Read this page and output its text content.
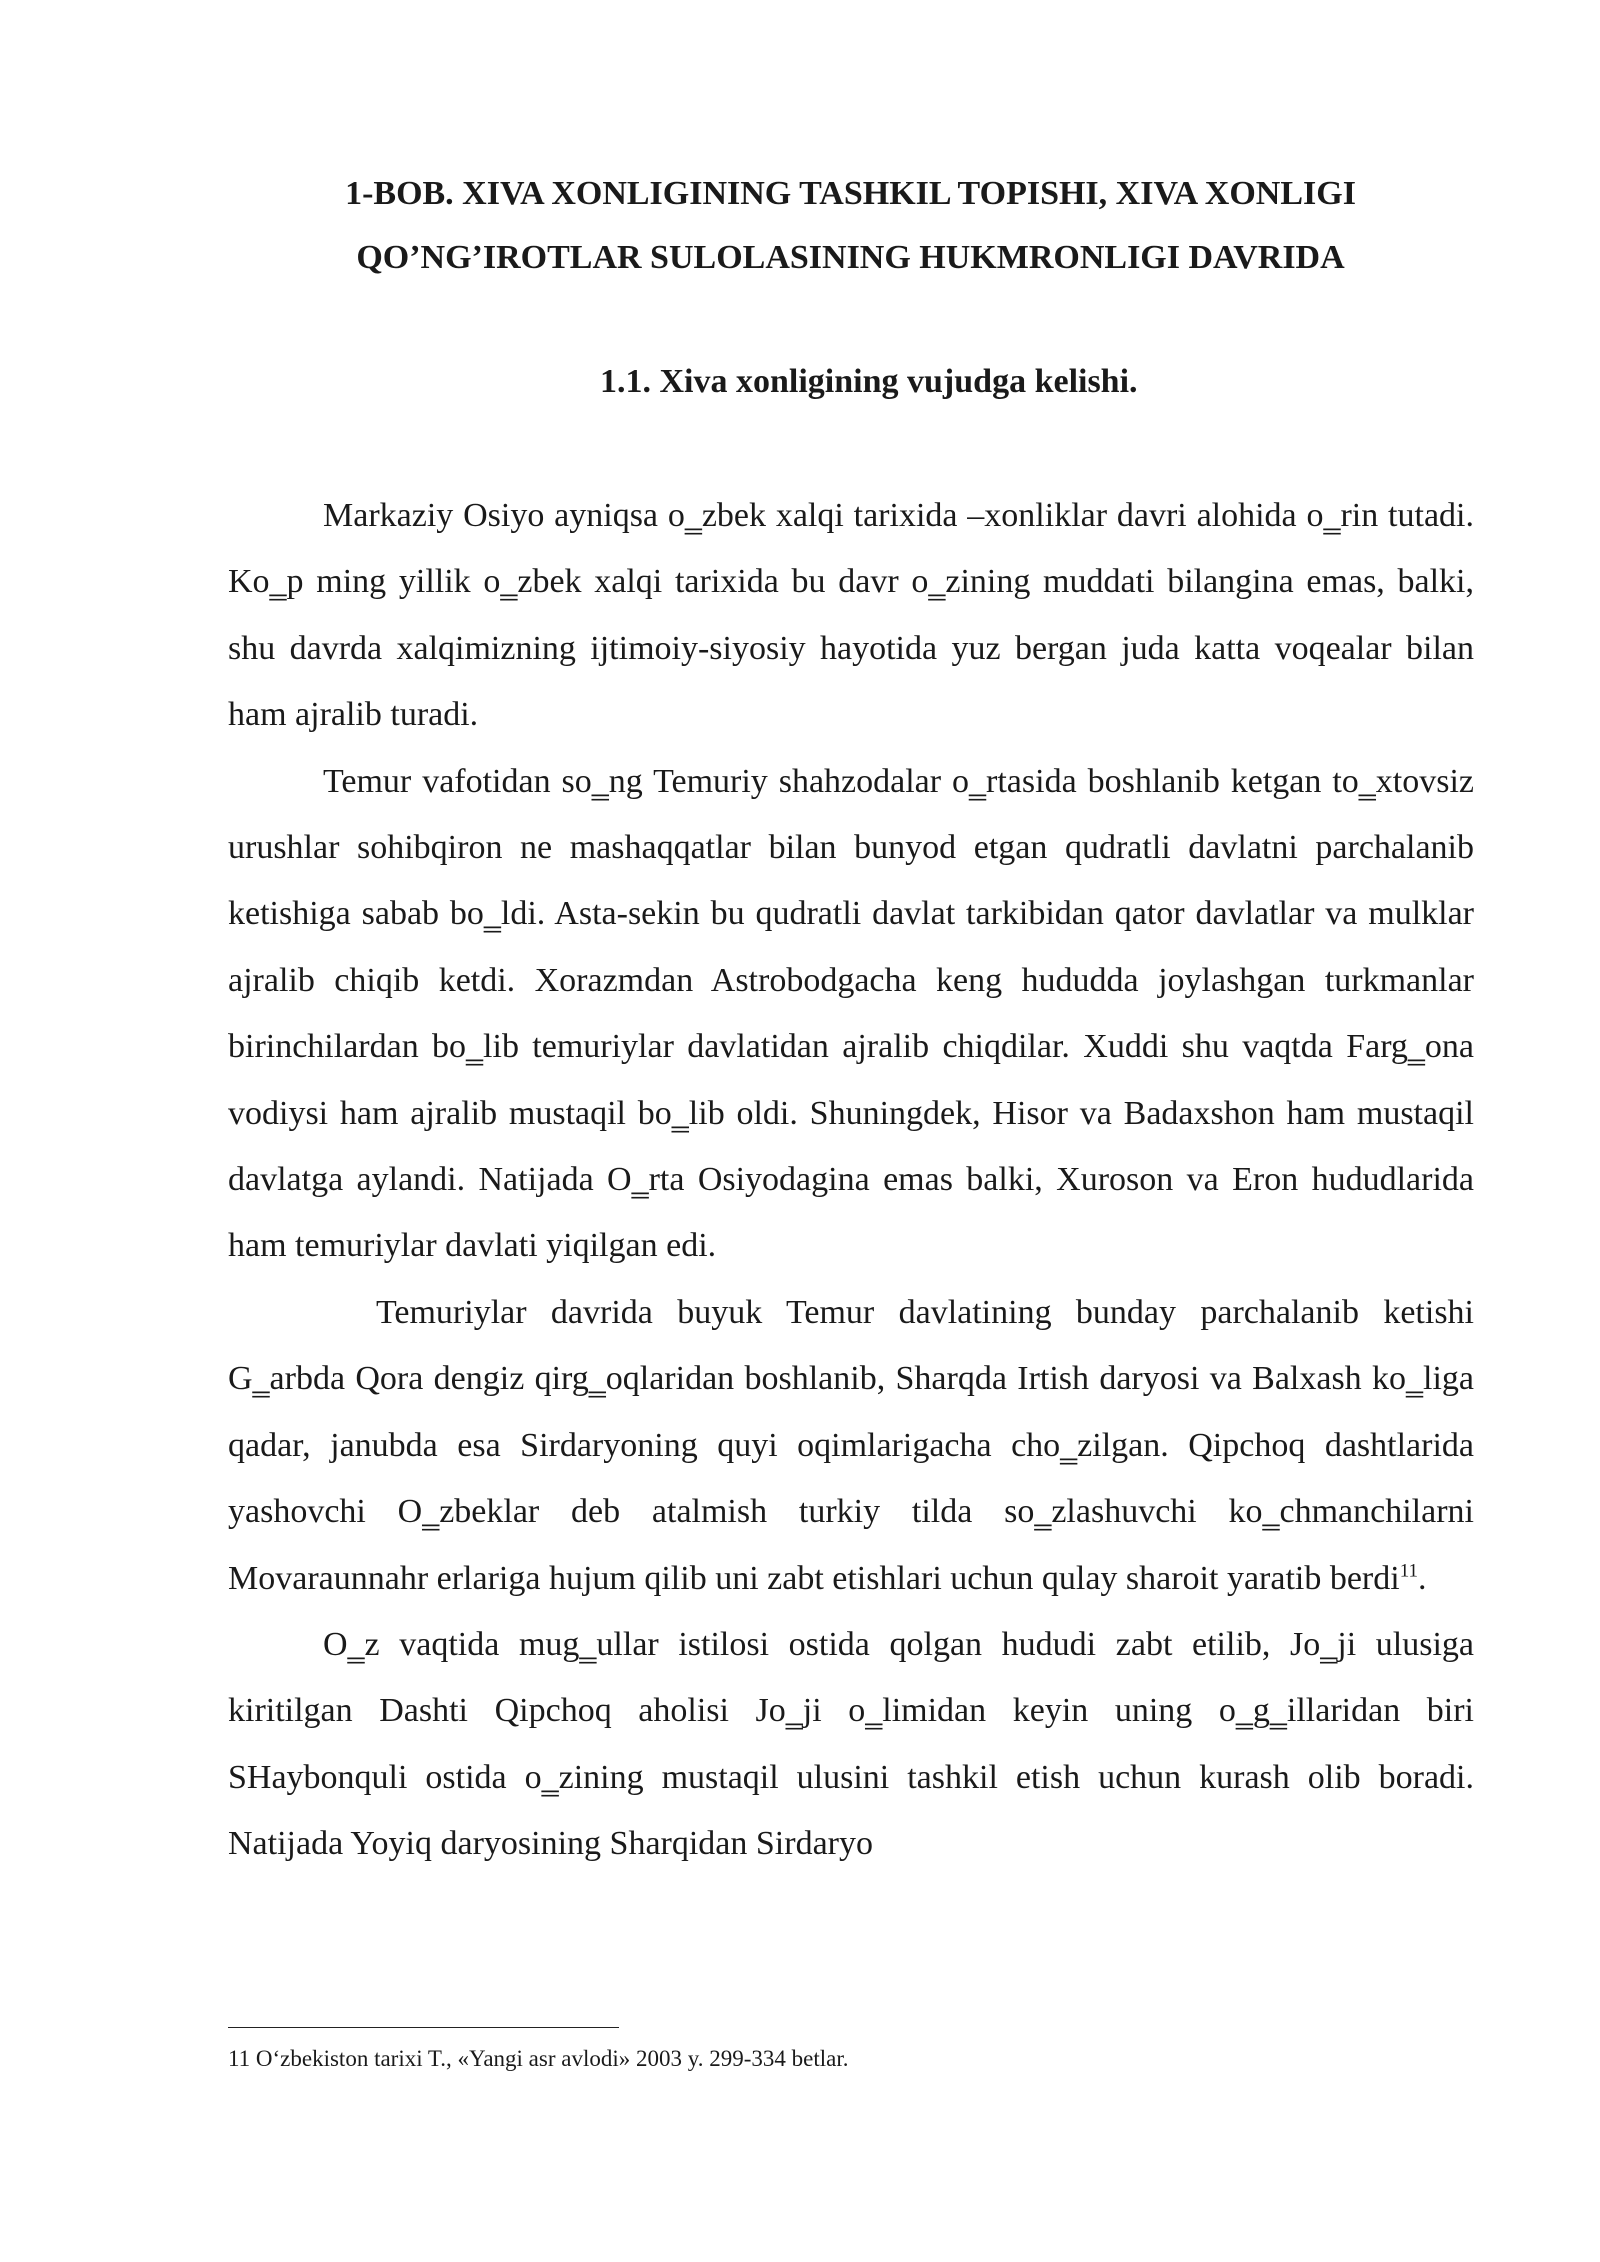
1-BOB. XIVA XONLIGINING TASHKIL TOPISHI, XIVA XONLIGI QO’NG’IROTLAR SULOLASINING HUKMRONLIGI DAVRIDA
1.1. Xiva xonligining vujudga kelishi.

Markaziy Osiyo ayniqsa o‗zbek xalqi tarixida –xonliklar davri alohida o‗rin tutadi. Ko‗p ming yillik o‗zbek xalqi tarixida bu davr o‗zining muddati bilangina emas, balki, shu davrda xalqimizning ijtimoiy-siyosiy hayotida yuz bergan juda katta voqealar bilan ham ajralib turadi.

Temur vafotidan so‗ng Temuriy shahzodalar o‗rtasida boshlanib ketgan to‗xtovsiz urushlar sohibqiron ne mashaqqatlar bilan bunyod etgan qudratli davlatni parchalanib ketishiga sabab bo‗ldi. Asta-sekin bu qudratli davlat tarkibidan qator davlatlar va mulklar ajralib chiqib ketdi. Xorazmdan Astrobodgacha keng hududda joylashgan turkmanlar birinchilardan bo‗lib temuriylar davlatidan ajralib chiqdilar. Xuddi shu vaqtda Farg‗ona vodiysi ham ajralib mustaqil bo‗lib oldi. Shuningdek, Hisor va Badaxshon ham mustaqil davlatga aylandi. Natijada O‗rta Osiyodagina emas balki, Xuroson va Eron hududlarida ham temuriylar davlati yiqilgan edi.

Temuriylar davrida buyuk Temur davlatining bunday parchalanib ketishi G‗arbda Qora dengiz qirg‗oqlaridan boshlanib, Sharqda Irtish daryosi va Balxash ko‗liga qadar, janubda esa Sirdaryoning quyi oqimlarigacha cho‗zilgan. Qipchoq dashtlarida yashovchi O‗zbeklar deb atalmish turkiy tilda so‗zlashuvchi ko‗chmanchilarni Movaraunnahr erlariga hujum qilib uni zabt etishlari uchun qulay sharoit yaratib berdi$^{11}$.

O‗z vaqtida mug‗ullar istilosi ostida qolgan hududi zabt etilib, Jo‗ji ulusiga kiritilgan Dashti Qipchoq aholisi Jo‗ji o‗limidan keyin uning o‗g‗illaridan biri SHaybonquli ostida o‗zining mustaqil ulusini tashkil etish uchun kurash olib boradi. Natijada Yoyiq daryosining Sharqidan Sirdaryo

11 O‘zbekiston tarixi T., «Yangi asr avlodi» 2003 y. 299-334 betlar.
